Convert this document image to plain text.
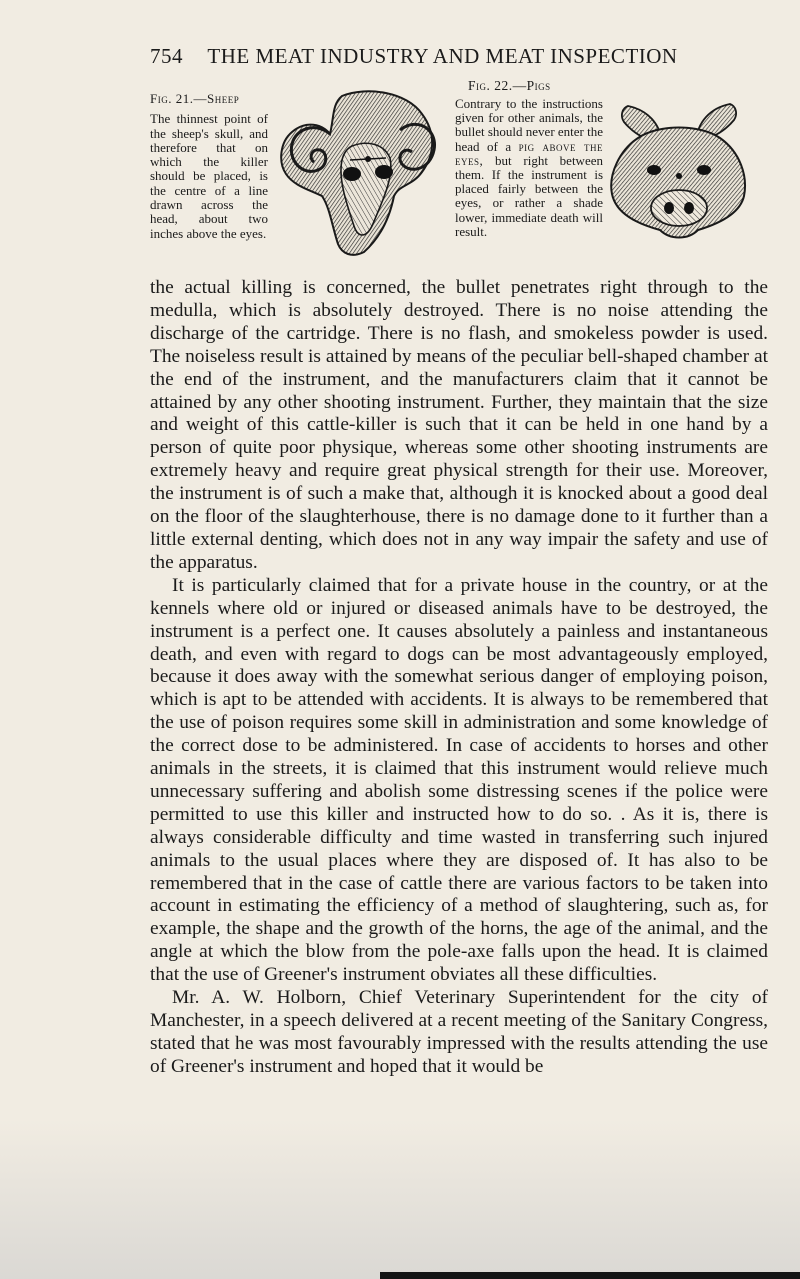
754 THE MEAT INDUSTRY AND MEAT INSPECTION
Fig. 21.—Sheep
The thinnest point of the sheep's skull, and therefore that on which the killer should be placed, is the centre of a line drawn across the head, about two inches above the eyes.
Fig. 22.—Pigs
Contrary to the instructions given for other animals, the bullet should never enter the head of a pig above the eyes, but right between them. If the instrument is placed fairly between the eyes, or rather a shade lower, immediate death will result.

the actual killing is concerned, the bullet penetrates right through to the medulla, which is absolutely destroyed. There is no noise attending the discharge of the cartridge. There is no flash, and smokeless powder is used. The noiseless result is attained by means of the peculiar bell-shaped chamber at the end of the instrument, and the manufacturers claim that it cannot be attained by any other shooting instrument. Further, they maintain that the size and weight of this cattle-killer is such that it can be held in one hand by a person of quite poor physique, whereas some other shooting instruments are extremely heavy and require great physical strength for their use. Moreover, the instrument is of such a make that, although it is knocked about a good deal on the floor of the slaughterhouse, there is no damage done to it further than a little external denting, which does not in any way impair the safety and use of the apparatus.

It is particularly claimed that for a private house in the country, or at the kennels where old or injured or diseased animals have to be destroyed, the instrument is a perfect one. It causes absolutely a painless and instantaneous death, and even with regard to dogs can be most advantageously employed, because it does away with the somewhat serious danger of employing poison, which is apt to be attended with accidents. It is always to be remembered that the use of poison requires some skill in administration and some knowledge of the correct dose to be administered. In case of accidents to horses and other animals in the streets, it is claimed that this instrument would relieve much unnecessary suffering and abolish some distressing scenes if the police were permitted to use this killer and instructed how to do so. . As it is, there is always considerable difficulty and time wasted in transferring such injured animals to the usual places where they are disposed of. It has also to be remembered that in the case of cattle there are various factors to be taken into account in estimating the efficiency of a method of slaughtering, such as, for example, the shape and the growth of the horns, the age of the animal, and the angle at which the blow from the pole-axe falls upon the head. It is claimed that the use of Greener's instrument obviates all these difficulties.

Mr. A. W. Holborn, Chief Veterinary Superintendent for the city of Manchester, in a speech delivered at a recent meeting of the Sanitary Congress, stated that he was most favourably impressed with the results attending the use of Greener's instrument and hoped that it would be
